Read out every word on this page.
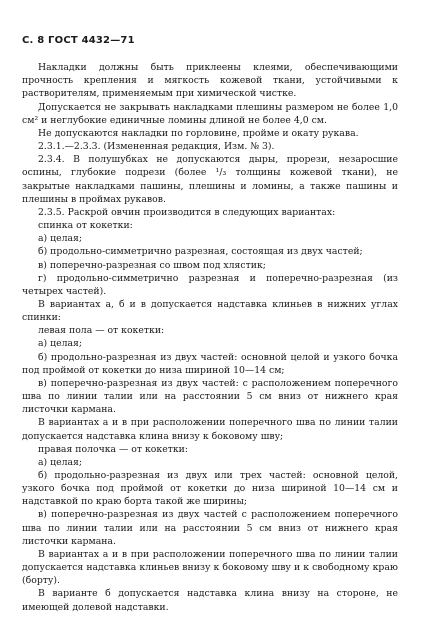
С. 8 ГОСТ 4432—71

Накладки должны быть приклеены клеями, обеспечивающими прочность крепления и мягкость кожевой ткани, устойчивыми к растворителям, применяемым при химической чистке.

Допускается не закрывать накладками плешины размером не более 1,0 см² и неглубокие единичные ломины длиной не более 4,0 см.

Не допускаются накладки по горловине, пройме и окату рукава.

2.3.1.—2.3.3. (Измененная редакция, Изм. № 3).

2.3.4. В полушубках не допускаются дыры, прорези, незаросшие оспины, глубокие подрези (более ¹/₃ толщины кожевой ткани), не закрытые накладками пашины, плешины и ломины, а также пашины и плешины в проймах рукавов.

2.3.5. Раскрой овчин производится в следующих вариантах:

спинка от кокетки:

а) целая;

б) продольно-симметрично разрезная, состоящая из двух частей;

в) поперечно-разрезная со швом под хлястик;

г) продольно-симметрично разрезная и поперечно-разрезная (из четырех частей).

В вариантах а, б и в допускается надставка клиньев в нижних углах спинки:

левая пола — от кокетки:

а) целая;

б) продольно-разрезная из двух частей: основной целой и узкого бочка под проймой от кокетки до низа шириной 10—14 см;

в) поперечно-разрезная из двух частей: с расположением поперечного шва по линии талии или на расстоянии 5 см вниз от нижнего края листочки кармана.

В вариантах а и в при расположении поперечного шва по линии талии допускается надставка клина внизу к боковому шву;

правая полочка — от кокетки:

а) целая;

б) продольно-разрезная из двух или трех частей: основной целой, узкого бочка под проймой от кокетки до низа шириной 10—14 см и надставкой по краю борта такой же ширины;

в) поперечно-разрезная из двух частей с расположением поперечного шва по линии талии или на расстоянии 5 см вниз от нижнего края листочки кармана.

В вариантах а и в при расположении поперечного шва по линии талии допускается надставка клиньев внизу к боковому шву и к свободному краю (борту).

В варианте б допускается надставка клина внизу на стороне, не имеющей долевой надставки.
